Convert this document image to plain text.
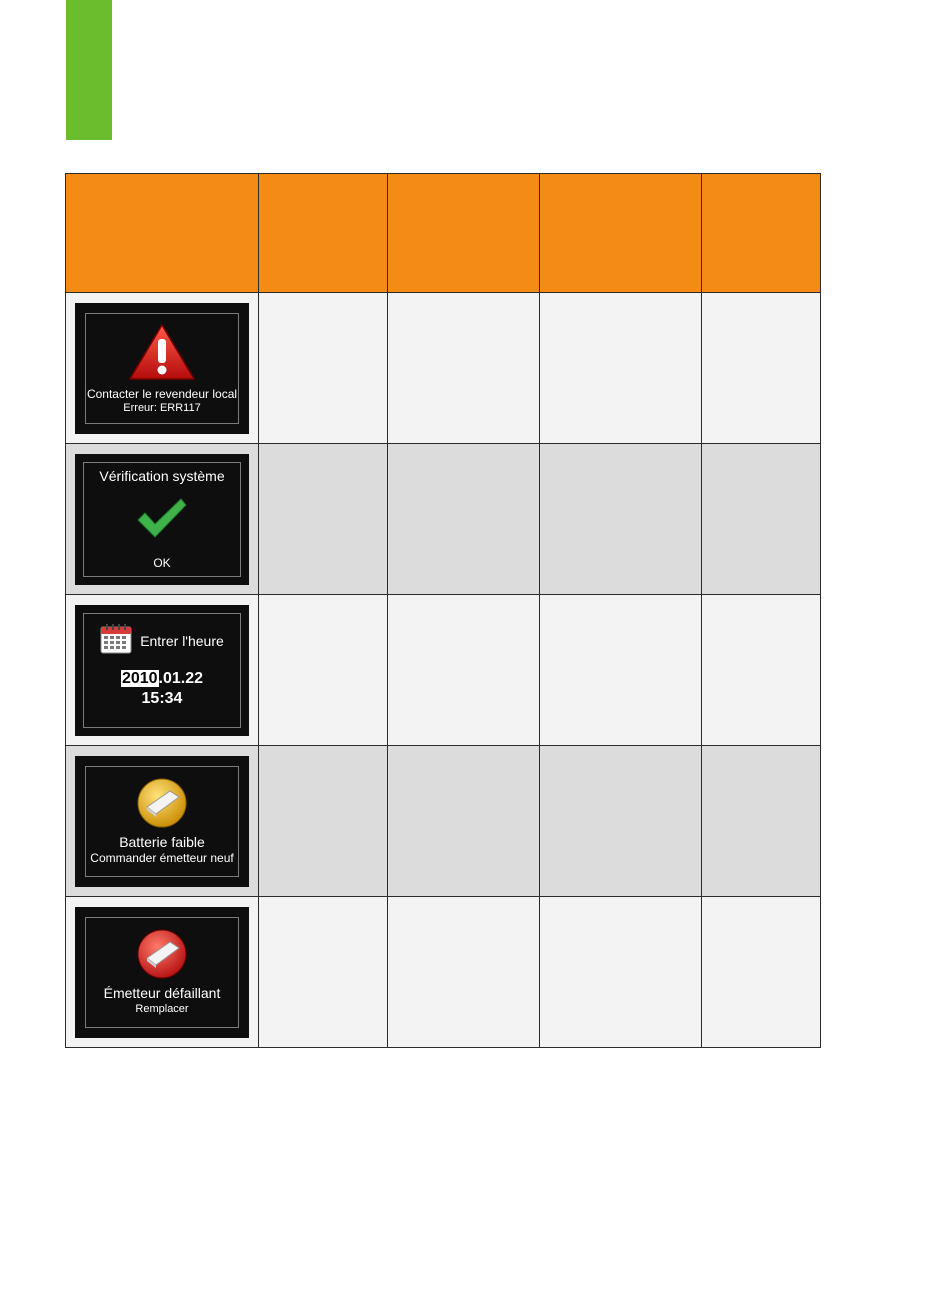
Contacter le revendeur local
Erreur: ERR117				

Vérification système
OK				

Entrer l'heure
2010.01.22
15:34				

Batterie faible
Commander émetteur neuf				

Émetteur défaillant
Remplacer				
